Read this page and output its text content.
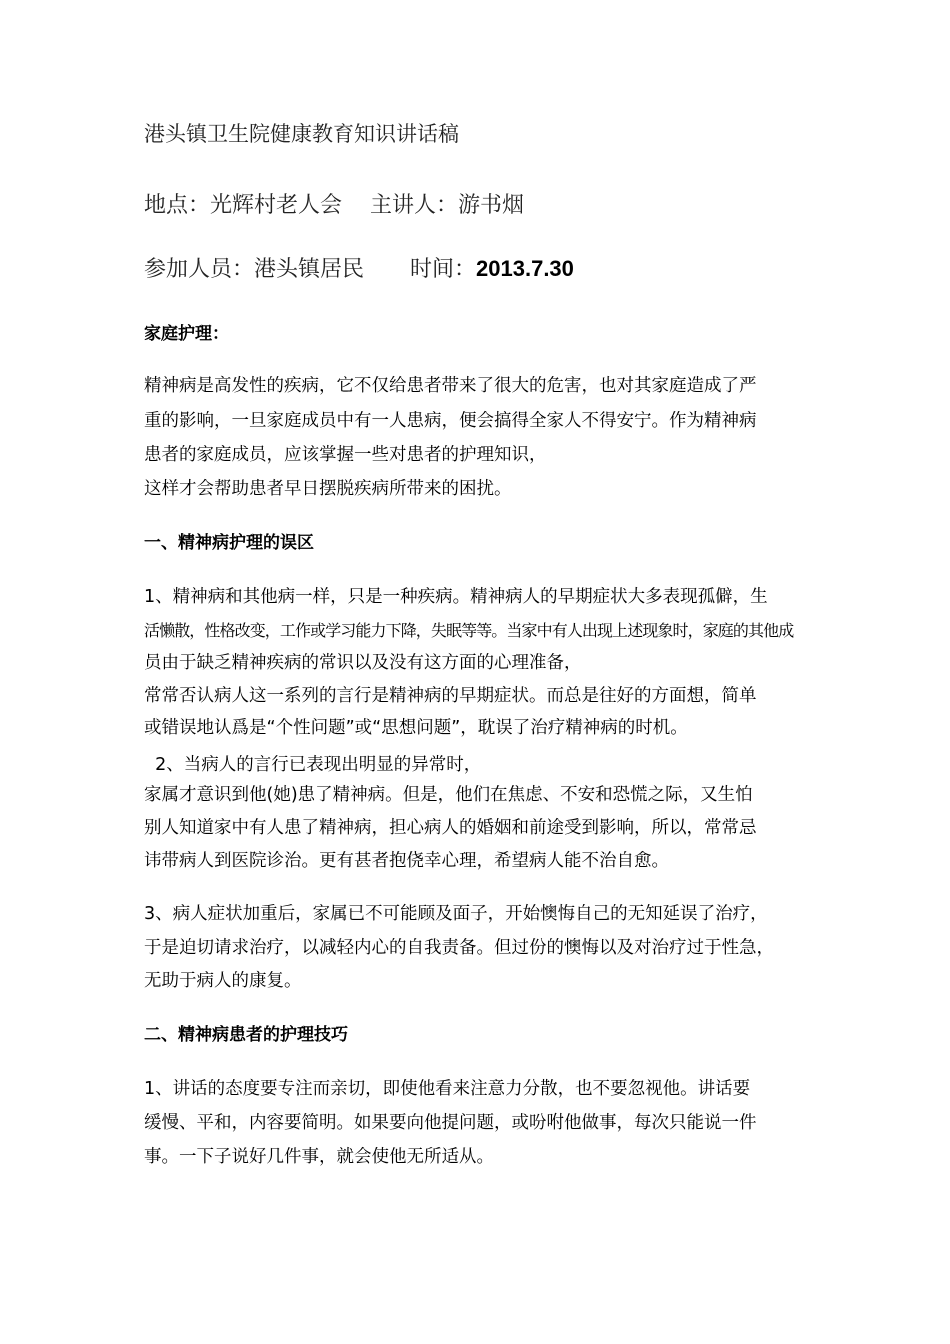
港头镇卫生院健康教育知识讲话稿
地点：光辉村老人会 主讲人：游书烟
参加人员：港头镇居民 时间：2013.7.30
家庭护理：
精神病是高发性的疾病，它不仅给患者带来了很大的危害，也对其家庭造成了严
重的影响，一旦家庭成员中有一人患病，便会搞得全家人不得安宁。作为精神病
患者的家庭成员，应该掌握一些对患者的护理知识，
这样才会帮助患者早日摆脱疾病所带来的困扰。
一、精神病护理的误区
1、精神病和其他病一样，只是一种疾病。精神病人的早期症状大多表现孤僻，生
活懒散，性格改变，工作或学习能力下降，失眠等等。当家中有人出现上述现象时，家庭的其他成
员由于缺乏精神疾病的常识以及没有这方面的心理准备，
常常否认病人这一系列的言行是精神病的早期症状。而总是往好的方面想，简单
或错误地认爲是“个性问题”或“思想问题”，耽误了治疗精神病的时机。
2、当病人的言行已表现出明显的异常时，
家属才意识到他(她)患了精神病。但是，他们在焦虑、不安和恐慌之际，又生怕
别人知道家中有人患了精神病，担心病人的婚姻和前途受到影响，所以，常常忌
讳带病人到医院诊治。更有甚者抱侥幸心理，希望病人能不治自愈。
3、病人症状加重后，家属已不可能顾及面子，开始懊悔自己的无知延误了治疗，
于是迫切请求治疗，以减轻内心的自我责备。但过份的懊悔以及对治疗过于性急，
无助于病人的康复。
二、精神病患者的护理技巧
1、讲话的态度要专注而亲切，即使他看来注意力分散，也不要忽视他。讲话要
缓慢、平和，内容要简明。如果要向他提问题，或吩咐他做事，每次只能说一件
事。一下子说好几件事，就会使他无所适从。
